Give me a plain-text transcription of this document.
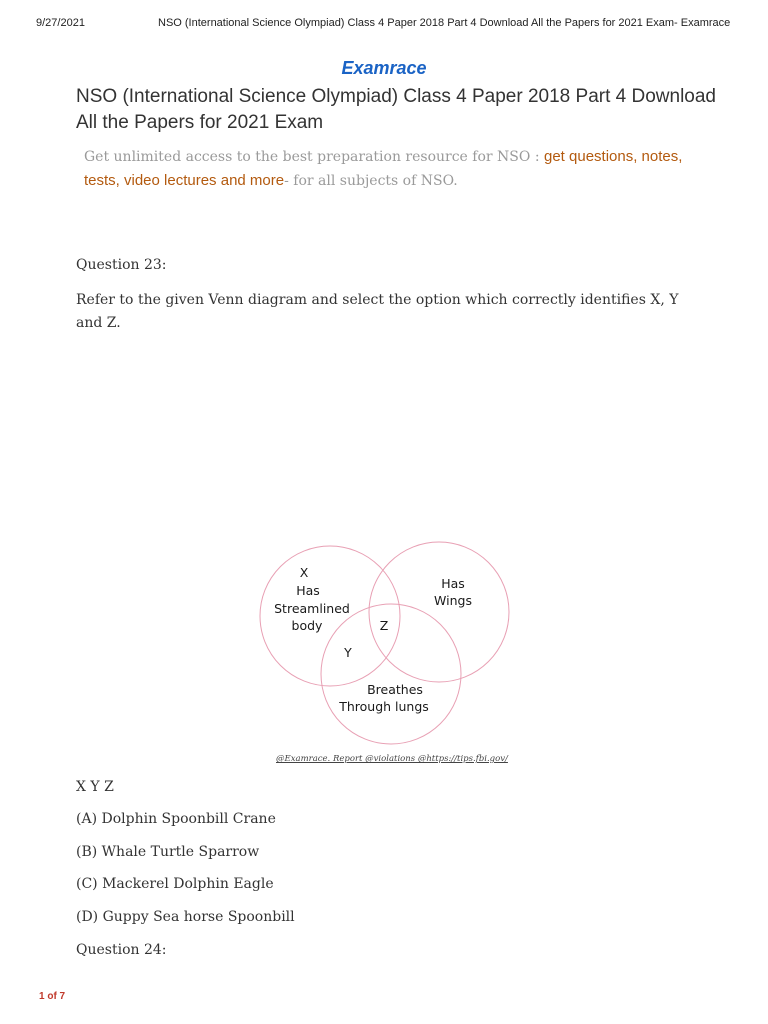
9/27/2021	NSO (International Science Olympiad) Class 4 Paper 2018 Part 4 Download All the Papers for 2021 Exam- Examrace
Examrace
NSO (International Science Olympiad) Class 4 Paper 2018 Part 4 Download All the Papers for 2021 Exam
Get unlimited access to the best preparation resource for NSO : get questions, notes, tests, video lectures and more- for all subjects of NSO.
Question 23:
Refer to the given Venn diagram and select the option which correctly identifies X, Y and Z.
X
Has
Streamlined
body
Has
Wings
Z
Y
Breathes
Through lungs
@Examrace. Report @violations @https://tips.fbi.gov/
X Y Z
(A) Dolphin Spoonbill Crane
(B) Whale Turtle Sparrow
(C) Mackerel Dolphin Eagle
(D) Guppy Sea horse Spoonbill
Question 24:
1 of 7
